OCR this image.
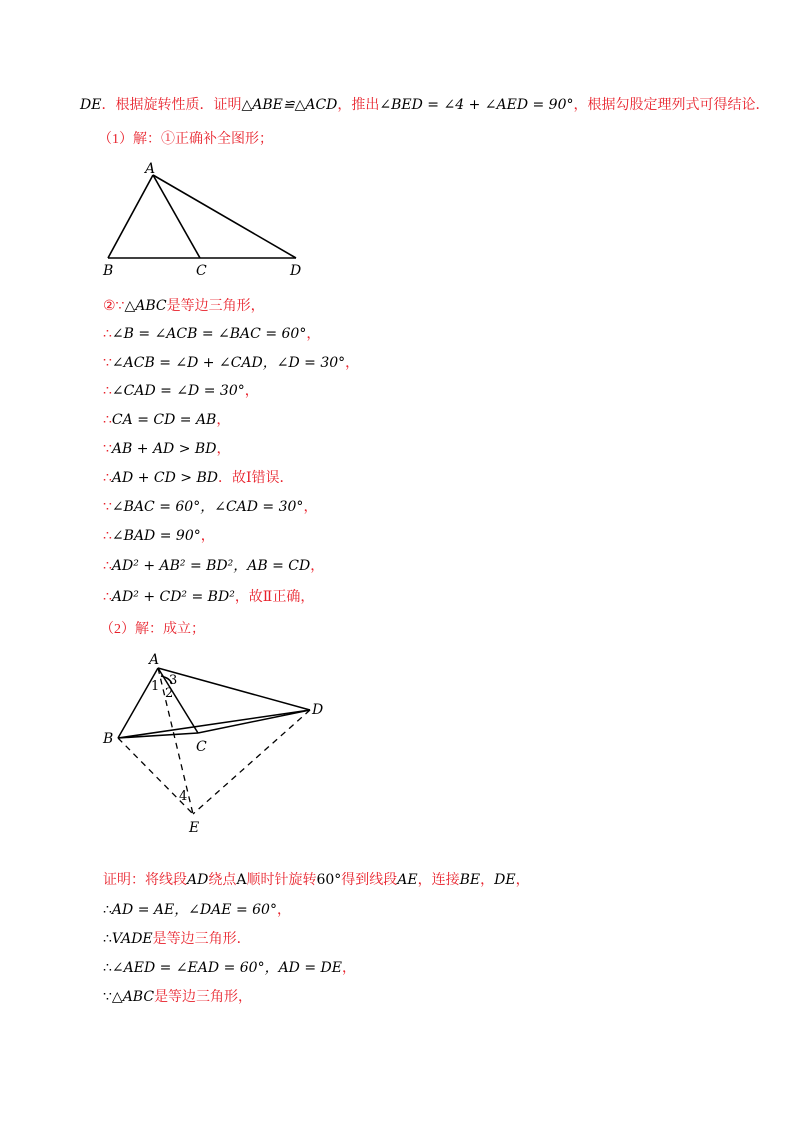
DE．根据旋转性质．证明△ABE≌△ACD，推出∠BED = ∠4 + ∠AED = 90°，根据勾股定理列式可得结论．
（1）解：①正确补全图形；
A
B	C	D
②∵△ABC是等边三角形，
∴∠B = ∠ACB = ∠BAC = 60°，
∵∠ACB = ∠D + ∠CAD，∠D = 30°，
∴∠CAD = ∠D = 30°，
∴CA = CD = AB，
∵AB + AD > BD，
∴AD + CD > BD．故Ⅰ错误．
∵∠BAC = 60°，∠CAD = 30°，
∴∠BAD = 90°，
∴AD² + AB² = BD²，AB = CD，
∴AD² + CD² = BD²，故Ⅱ正确，
（2）解：成立；
A
B	C
D
E
1 2
3
4
证明：将线段AD绕点A顺时针旋转60°得到线段AE，连接BE，DE，
∴AD = AE，∠DAE = 60°，
∴VADE是等边三角形．
∴∠AED = ∠EAD = 60°，AD = DE，
∵△ABC是等边三角形，
